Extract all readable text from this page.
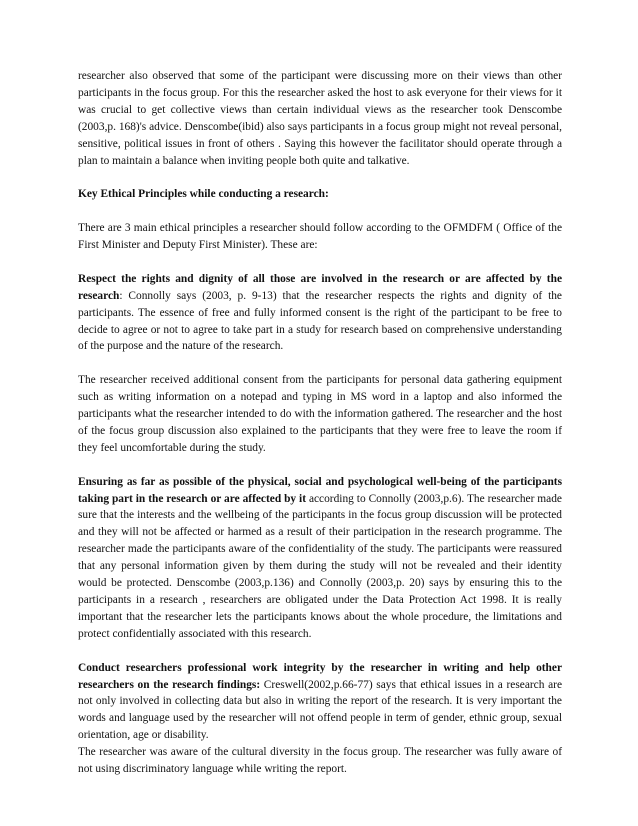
researcher also observed that some of the participant were discussing more on their views than other participants in the focus group. For this the researcher asked the host to ask everyone for their views for it was crucial to get collective views than certain individual views as the researcher took Denscombe (2003,p. 168)'s advice. Denscombe(ibid) also says participants in a focus group might not reveal personal, sensitive, political issues in front of others . Saying this however the facilitator should operate through a plan to maintain a balance when inviting people both quite and talkative.

Key Ethical Principles while conducting a research:

There are 3 main ethical principles a researcher should follow according to the OFMDFM ( Office of the First Minister and Deputy First Minister). These are:

Respect the rights and dignity of all those are involved in the research or are affected by the research: Connolly says (2003, p. 9-13) that the researcher respects the rights and dignity of the participants. The essence of free and fully informed consent is the right of the participant to be free to decide to agree or not to agree to take part in a study for research based on comprehensive understanding of the purpose and the nature of the research.

The researcher received additional consent from the participants for personal data gathering equipment such as writing information on a notepad and typing in MS word in a laptop and also informed the participants what the researcher intended to do with the information gathered. The researcher and the host of the focus group discussion also explained to the participants that they were free to leave the room if they feel uncomfortable during the study.

Ensuring as far as possible of the physical, social and psychological well-being of the participants taking part in the research or are affected by it according to Connolly (2003,p.6). The researcher made sure that the interests and the wellbeing of the participants in the focus group discussion will be protected and they will not be affected or harmed as a result of their participation in the research programme. The researcher made the participants aware of the confidentiality of the study. The participants were reassured that any personal information given by them during the study will not be revealed and their identity would be protected. Denscombe (2003,p.136) and Connolly (2003,p. 20) says by ensuring this to the participants in a research , researchers are obligated under the Data Protection Act 1998. It is really important that the researcher lets the participants knows about the whole procedure, the limitations and protect confidentially associated with this research.

Conduct researchers professional work integrity by the researcher in writing and help other researchers on the research findings: Creswell(2002,p.66-77) says that ethical issues in a research are not only involved in collecting data but also in writing the report of the research. It is very important the words and language used by the researcher will not offend people in term of gender, ethnic group, sexual orientation, age or disability.

The researcher was aware of the cultural diversity in the focus group. The researcher was fully aware of not using discriminatory language while writing the report.
